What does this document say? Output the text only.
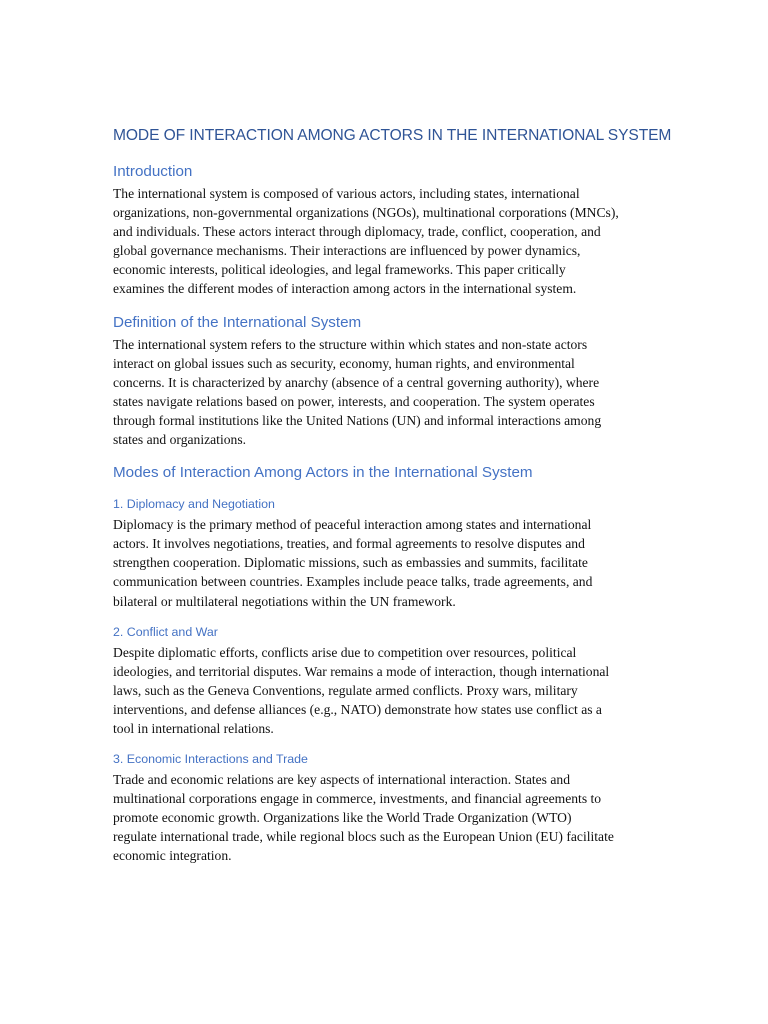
MODE OF INTERACTION AMONG ACTORS IN THE INTERNATIONAL SYSTEM
Introduction
The international system is composed of various actors, including states, international
organizations, non-governmental organizations (NGOs), multinational corporations (MNCs),
and individuals. These actors interact through diplomacy, trade, conflict, cooperation, and
global governance mechanisms. Their interactions are influenced by power dynamics,
economic interests, political ideologies, and legal frameworks. This paper critically
examines the different modes of interaction among actors in the international system.
Definition of the International System
The international system refers to the structure within which states and non-state actors
interact on global issues such as security, economy, human rights, and environmental
concerns. It is characterized by anarchy (absence of a central governing authority), where
states navigate relations based on power, interests, and cooperation. The system operates
through formal institutions like the United Nations (UN) and informal interactions among
states and organizations.
Modes of Interaction Among Actors in the International System
1. Diplomacy and Negotiation
Diplomacy is the primary method of peaceful interaction among states and international
actors. It involves negotiations, treaties, and formal agreements to resolve disputes and
strengthen cooperation. Diplomatic missions, such as embassies and summits, facilitate
communication between countries. Examples include peace talks, trade agreements, and
bilateral or multilateral negotiations within the UN framework.
2. Conflict and War
Despite diplomatic efforts, conflicts arise due to competition over resources, political
ideologies, and territorial disputes. War remains a mode of interaction, though international
laws, such as the Geneva Conventions, regulate armed conflicts. Proxy wars, military
interventions, and defense alliances (e.g., NATO) demonstrate how states use conflict as a
tool in international relations.
3. Economic Interactions and Trade
Trade and economic relations are key aspects of international interaction. States and
multinational corporations engage in commerce, investments, and financial agreements to
promote economic growth. Organizations like the World Trade Organization (WTO)
regulate international trade, while regional blocs such as the European Union (EU) facilitate
economic integration.
